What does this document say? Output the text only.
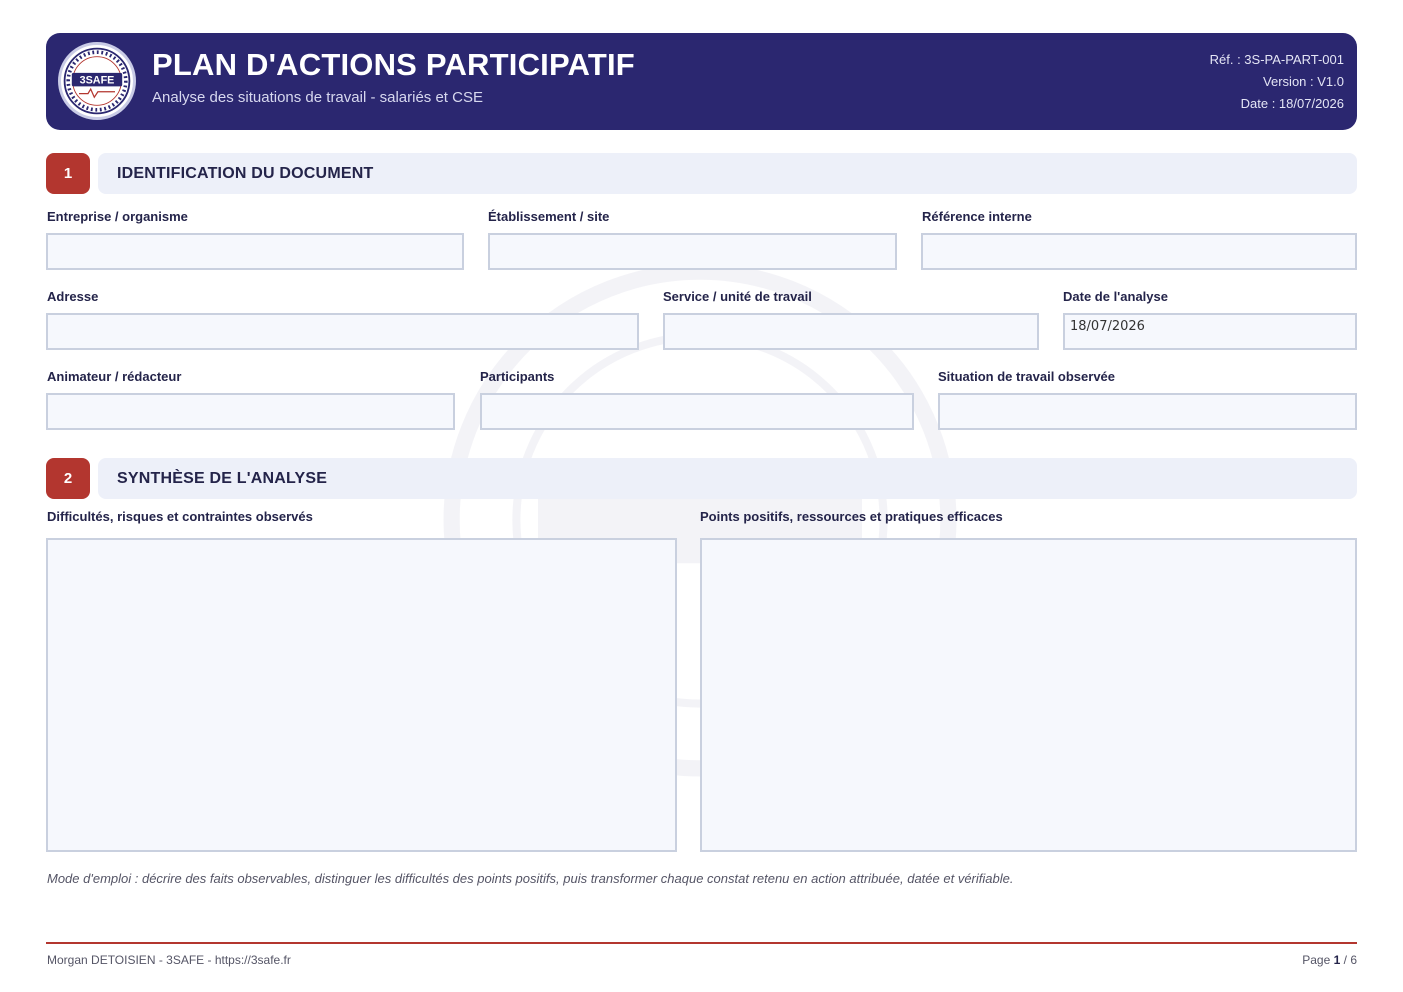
3SAFE PLAN D'ACTIONS PARTICIPATIF
Analyse des situations de travail - salariés et CSE
Réf. : 3S-PA-PART-001
Version : V1.0
Date : 18/07/2026
1	IDENTIFICATION DU DOCUMENT
Entreprise / organisme	Établissement / site	Référence interne
Adresse	Service / unité de travail	Date de l'analyse
18/07/2026
Animateur / rédacteur	Participants	Situation de travail observée
2	SYNTHÈSE DE L'ANALYSE
Difficultés, risques et contraintes observés	Points positifs, ressources et pratiques efficaces
Mode d'emploi : décrire des faits observables, distinguer les difficultés des points positifs, puis transformer chaque constat retenu en action attribuée, datée et vérifiable.
Morgan DETOISIEN - 3SAFE - https://3safe.fr	Page 1 / 6
